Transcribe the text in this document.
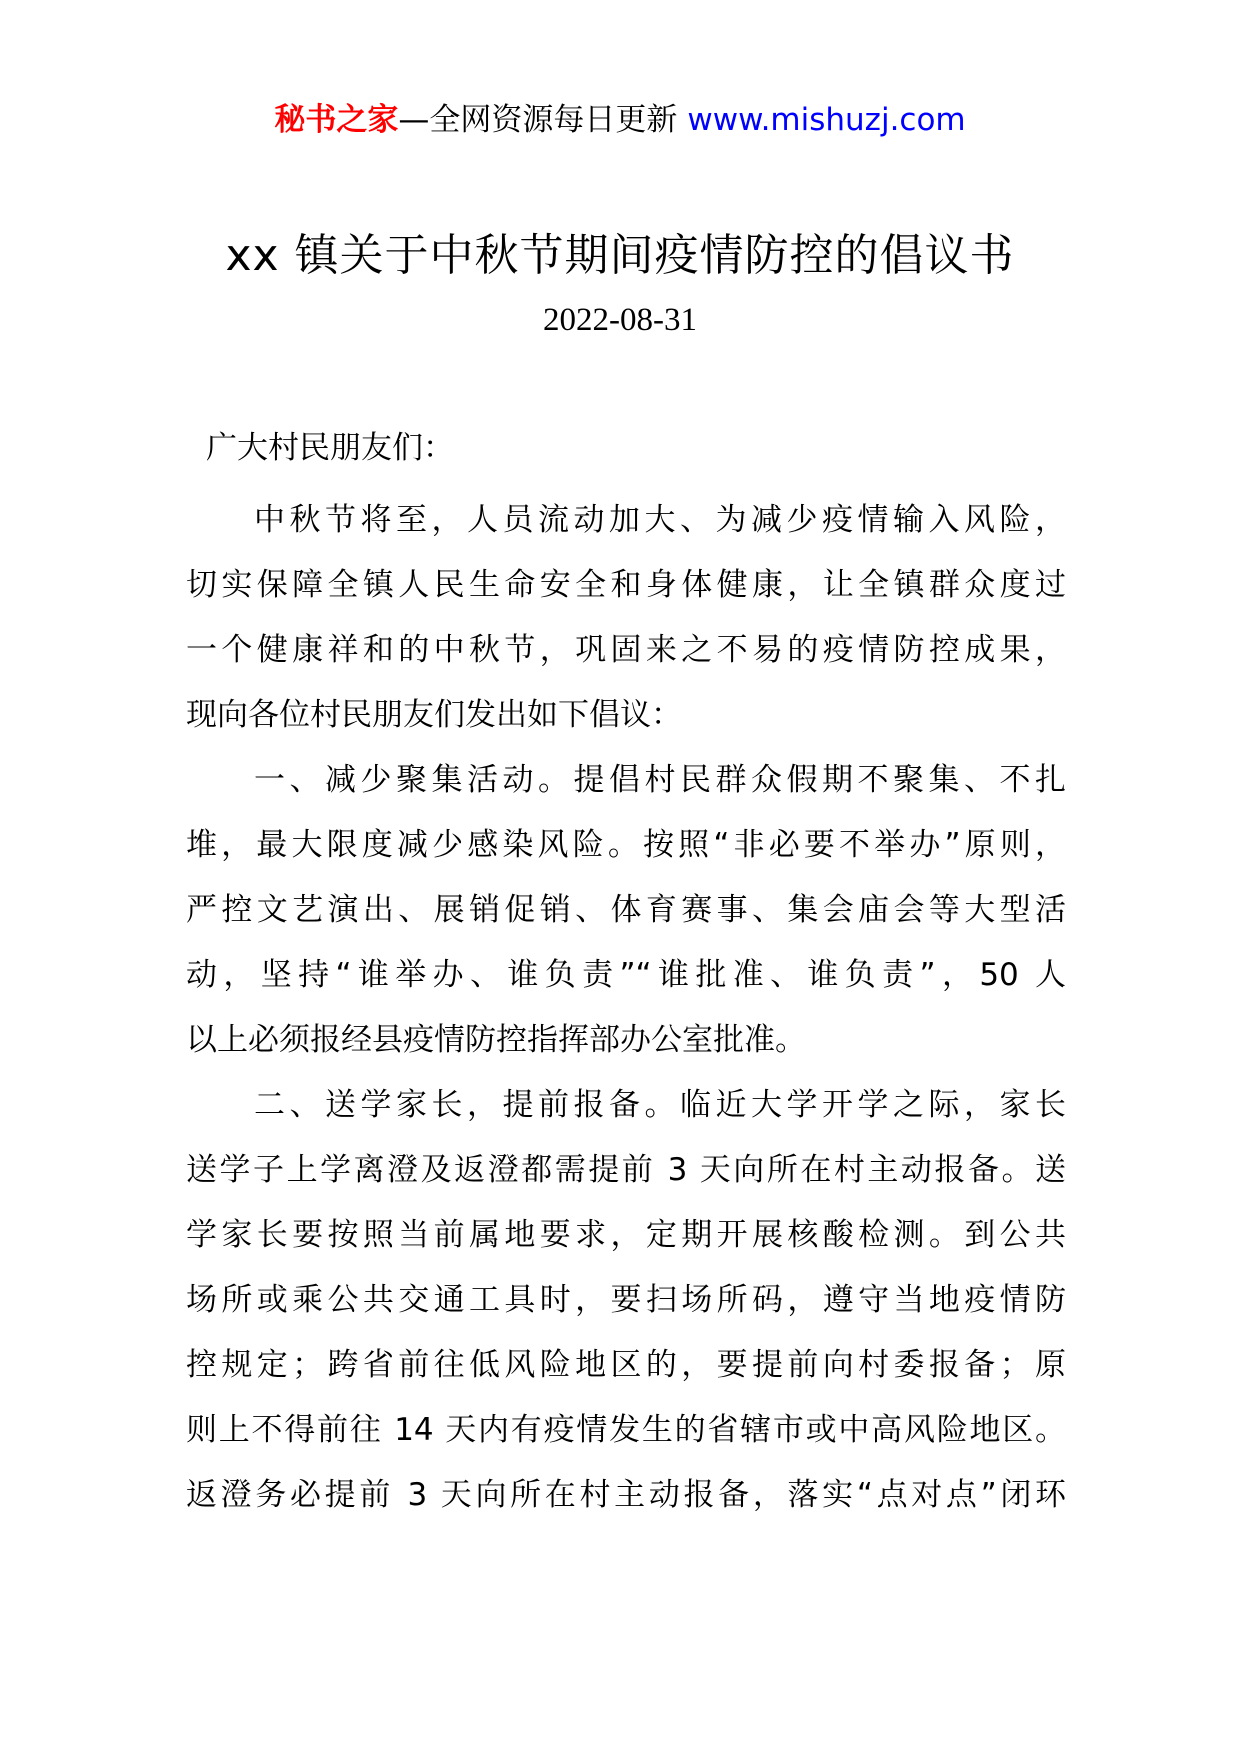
秘书之家—全网资源每日更新 www.mishuzj.com
xx 镇关于中秋节期间疫情防控的倡议书
2022-08-31
广大村民朋友们：
中秋节将至，人员流动加大、为减少疫情输入风险，
切实保障全镇人民生命安全和身体健康，让全镇群众度过
一个健康祥和的中秋节，巩固来之不易的疫情防控成果，
现向各位村民朋友们发出如下倡议：
一、减少聚集活动。提倡村民群众假期不聚集、不扎
堆，最大限度减少感染风险。按照“非必要不举办”原则，
严控文艺演出、展销促销、体育赛事、集会庙会等大型活
动，坚持“谁举办、谁负责”“谁批准、谁负责”，50 人
以上必须报经县疫情防控指挥部办公室批准。
二、送学家长，提前报备。临近大学开学之际，家长
送学子上学离澄及返澄都需提前 3 天向所在村主动报备。送
学家长要按照当前属地要求，定期开展核酸检测。到公共
场所或乘公共交通工具时，要扫场所码，遵守当地疫情防
控规定；跨省前往低风险地区的，要提前向村委报备；原
则上不得前往 14 天内有疫情发生的省辖市或中高风险地区。
返澄务必提前 3 天向所在村主动报备，落实“点对点”闭环
